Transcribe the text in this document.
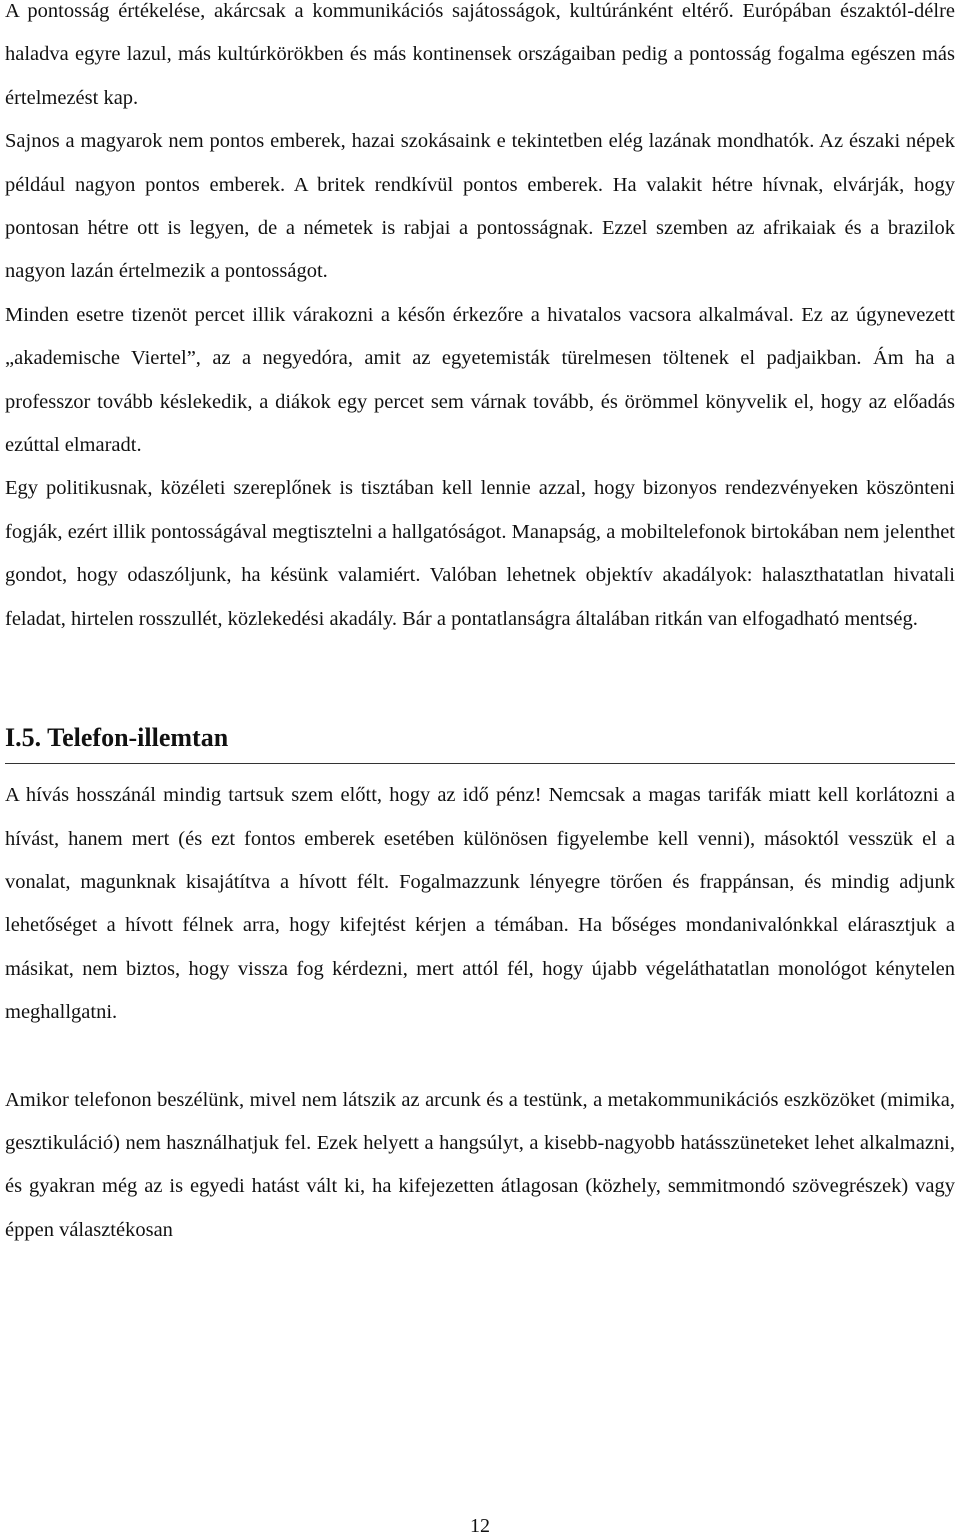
A pontosság értékelése, akárcsak a kommunikációs sajátosságok, kultúránként eltérő. Európában északtól-délre haladva egyre lazul, más kultúrkörökben és más kontinensek országaiban pedig a pontosság fogalma egészen más értelmezést kap.

Sajnos a magyarok nem pontos emberek, hazai szokásaink e tekintetben elég lazának mondhatók. Az északi népek például nagyon pontos emberek. A britek rendkívül pontos emberek. Ha valakit hétre hívnak, elvárják, hogy pontosan hétre ott is legyen, de a németek is rabjai a pontosságnak. Ezzel szemben az afrikaiak és a brazilok nagyon lazán értelmezik a pontosságot.

Minden esetre tizenöt percet illik várakozni a későn érkezőre a hivatalos vacsora alkalmával. Ez az úgynevezett „akademische Viertel”, az a negyedóra, amit az egyetemisták türelmesen töltenek el padjaikban. Ám ha a professzor tovább késlekedik, a diákok egy percet sem várnak tovább, és örömmel könyvelik el, hogy az előadás ezúttal elmaradt.

Egy politikusnak, közéleti szereplőnek is tisztában kell lennie azzal, hogy bizonyos rendezvényeken köszönteni fogják, ezért illik pontosságával megtisztelni a hallgatóságot. Manapság, a mobiltelefonok birtokában nem jelenthet gondot, hogy odaszóljunk, ha késünk valamiért. Valóban lehetnek objektív akadályok: halaszthatatlan hivatali feladat, hirtelen rosszullét, közlekedési akadály. Bár a pontatlanságra általában ritkán van elfogadható mentség.

I.5. Telefon-illemtan

A hívás hosszánál mindig tartsuk szem előtt, hogy az idő pénz! Nemcsak a magas tarifák miatt kell korlátozni a hívást, hanem mert (és ezt fontos emberek esetében különösen figyelembe kell venni), másoktól vesszük el a vonalat, magunknak kisajátítva a hívott félt. Fogalmazzunk lényegre törően és frappánsan, és mindig adjunk lehetőséget a hívott félnek arra, hogy kifejtést kérjen a témában. Ha bőséges mondanivalónkkal elárasztjuk a másikat, nem biztos, hogy vissza fog kérdezni, mert attól fél, hogy újabb végeláthatatlan monológot kénytelen meghallgatni.

Amikor telefonon beszélünk, mivel nem látszik az arcunk és a testünk, a metakommunikációs eszközöket (mimika, gesztikuláció) nem használhatjuk fel. Ezek helyett a hangsúlyt, a kisebb-nagyobb hatásszüneteket lehet alkalmazni, és gyakran még az is egyedi hatást vált ki, ha kifejezetten átlagosan (közhely, semmitmondó szövegrészek) vagy éppen választékosan

12
